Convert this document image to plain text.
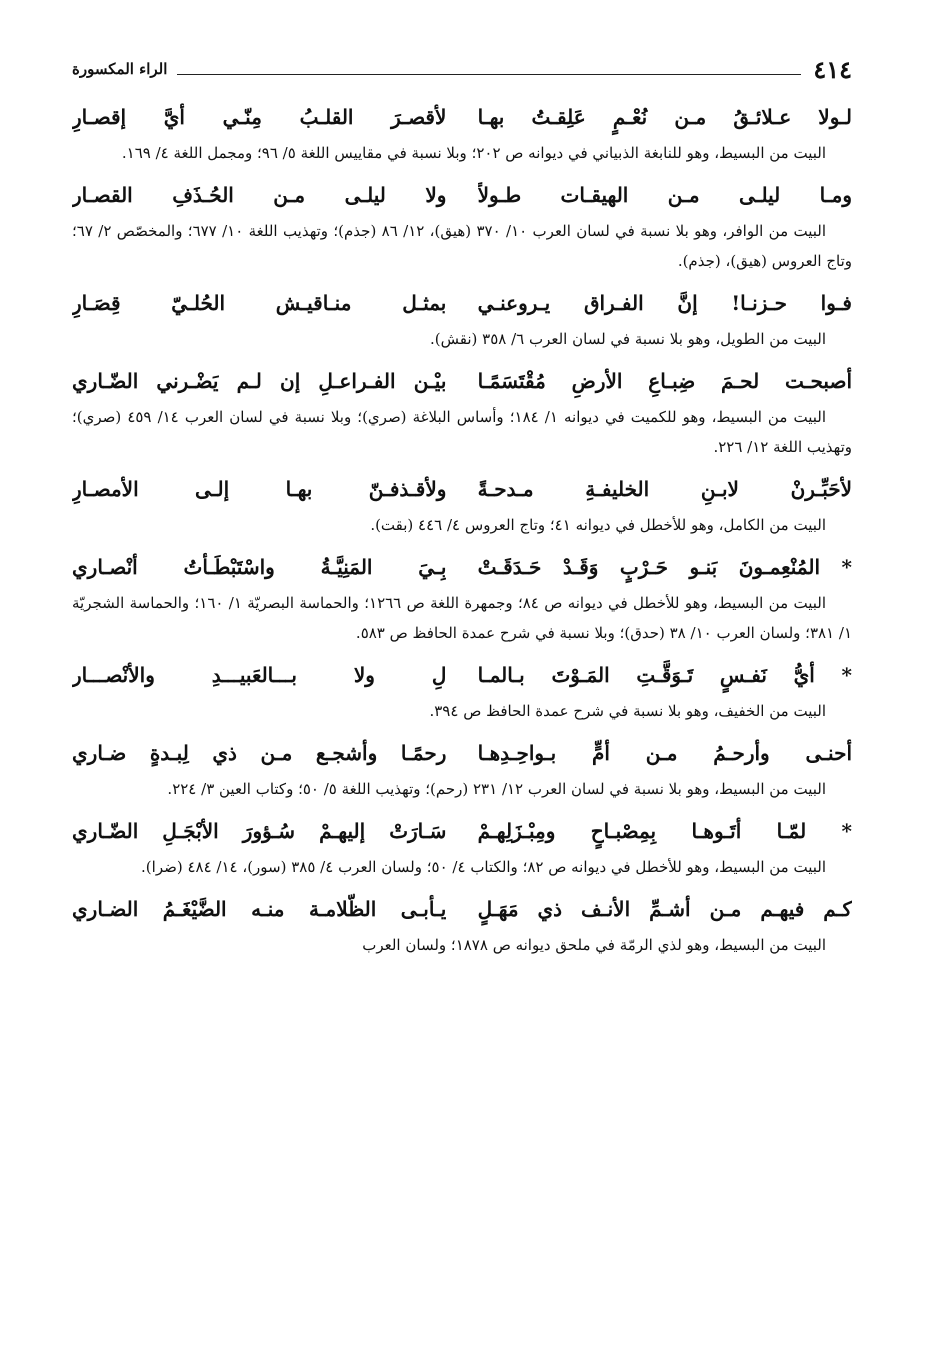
٤١٤
الراء المكسورة
لـولا عـلائـقُ مـن نُعْـمٍ عَلِقـتُ بهـا
لأقصـرَ القلـبُ مِنّـي أيَّ إقصـارِ

البيت من البسيط، وهو للنابغة الذبياني في ديوانه ص ٢٠٢؛ وبلا نسبة في مقاييس اللغة ٥/ ٩٦؛ ومجمل اللغة ٤/ ١٦٩.

ومـا ليلـى مـن الهيقـات طـولاً
ولا ليلـى مـن الحُـذَفِ القصـار

البيت من الوافر، وهو بلا نسبة في لسان العرب ١٠/ ٣٧٠ (هيق)، ١٢/ ٨٦ (جذم)؛ وتهذيب اللغة ١٠/ ٦٧٧؛ والمخصّص ٢/ ٦٧؛ وتاج العروس (هيق)، (جذم).

فـوا حـزنـا! إنَّ الفـراق يـروعنـي
بمثـل منـاقيـش الحُلـيّ قِصَـارِ

البيت من الطويل، وهو بلا نسبة في لسان العرب ٦/ ٣٥٨ (نقش).

أصبحـت لحـمَ ضِبـاعِ الأرضِ مُقْتَسَمًـا
بيْـن الفـراعـلِ إن لـم يَضْـرني الضّـاري

البيت من البسيط، وهو للكميت في ديوانه ١/ ١٨٤؛ وأساس البلاغة (صري)؛ وبلا نسبة في لسان العرب ١٤/ ٤٥٩ (صري)؛ وتهذيب اللغة ١٢/ ٢٢٦.

لأحَبِّـرنْ لابـنِ الخليفـةِ مـدحـةً
ولأقـذفـنّ بهـا إلـى الأمصـارِ

البيت من الكامل، وهو للأخطل في ديوانه ٤١؛ وتاج العروس ٤/ ٤٤٦ (بقت).

* المُنْعِمـونَ بَنـو حَـرْبٍ وَقَـدْ حَـدَقَـتْ
بِـيَ المَنِيَّـةُ واسْتَبْطَـأتُ أنْصـاري

البيت من البسيط، وهو للأخطل في ديوانه ص ٨٤؛ وجمهرة اللغة ص ١٢٦٦؛ والحماسة البصريّة ١/ ١٦٠؛ والحماسة الشجريّة ١/ ٣٨١؛ ولسان العرب ١٠/ ٣٨ (حدق)؛ وبلا نسبة في شرح عمدة الحافظ ص ٥٨٣.

* أيُّ نَفـسٍ تَـوَقَّـتِ المَـوْتَ بـالمـا
لِ ولا بـــالعَبيـــدِ والأنْصـــار

البيت من الخفيف، وهو بلا نسبة في شرح عمدة الحافظ ص ٣٩٤.

أحنـى وأرحـمُ مـن أمٍّ بـواحِـدِهـا
رحمًـا وأشجـع مـن ذي لِبـدةٍ ضـاري

البيت من البسيط، وهو بلا نسبة في لسان العرب ١٢/ ٢٣١ (رحم)؛ وتهذيب اللغة ٥/ ٥٠؛ وكتاب العين ٣/ ٢٢٤.

* لمّـا أتَـوهـا بِمِصْبـاحٍ ومِبْـزَلِهـمْ
سَـارَتْ إليهـمْ سُـؤورَ الأبْجَـلِ الضّـاري

البيت من البسيط، وهو للأخطل في ديوانه ص ٨٢؛ والكتاب ٤/ ٥٠؛ ولسان العرب ٤/ ٣٨٥ (سور)، ١٤/ ٤٨٤ (ضرا).

كـم فيهـم مـن أشـمِّ الأنـف ذي مَهَـلٍ
يـأبـى الظّلامـة منـه الضَّيْغَـمُ الضـاري

البيت من البسيط، وهو لذي الرمّة في ملحق ديوانه ص ١٨٧٨؛ ولسان العرب
